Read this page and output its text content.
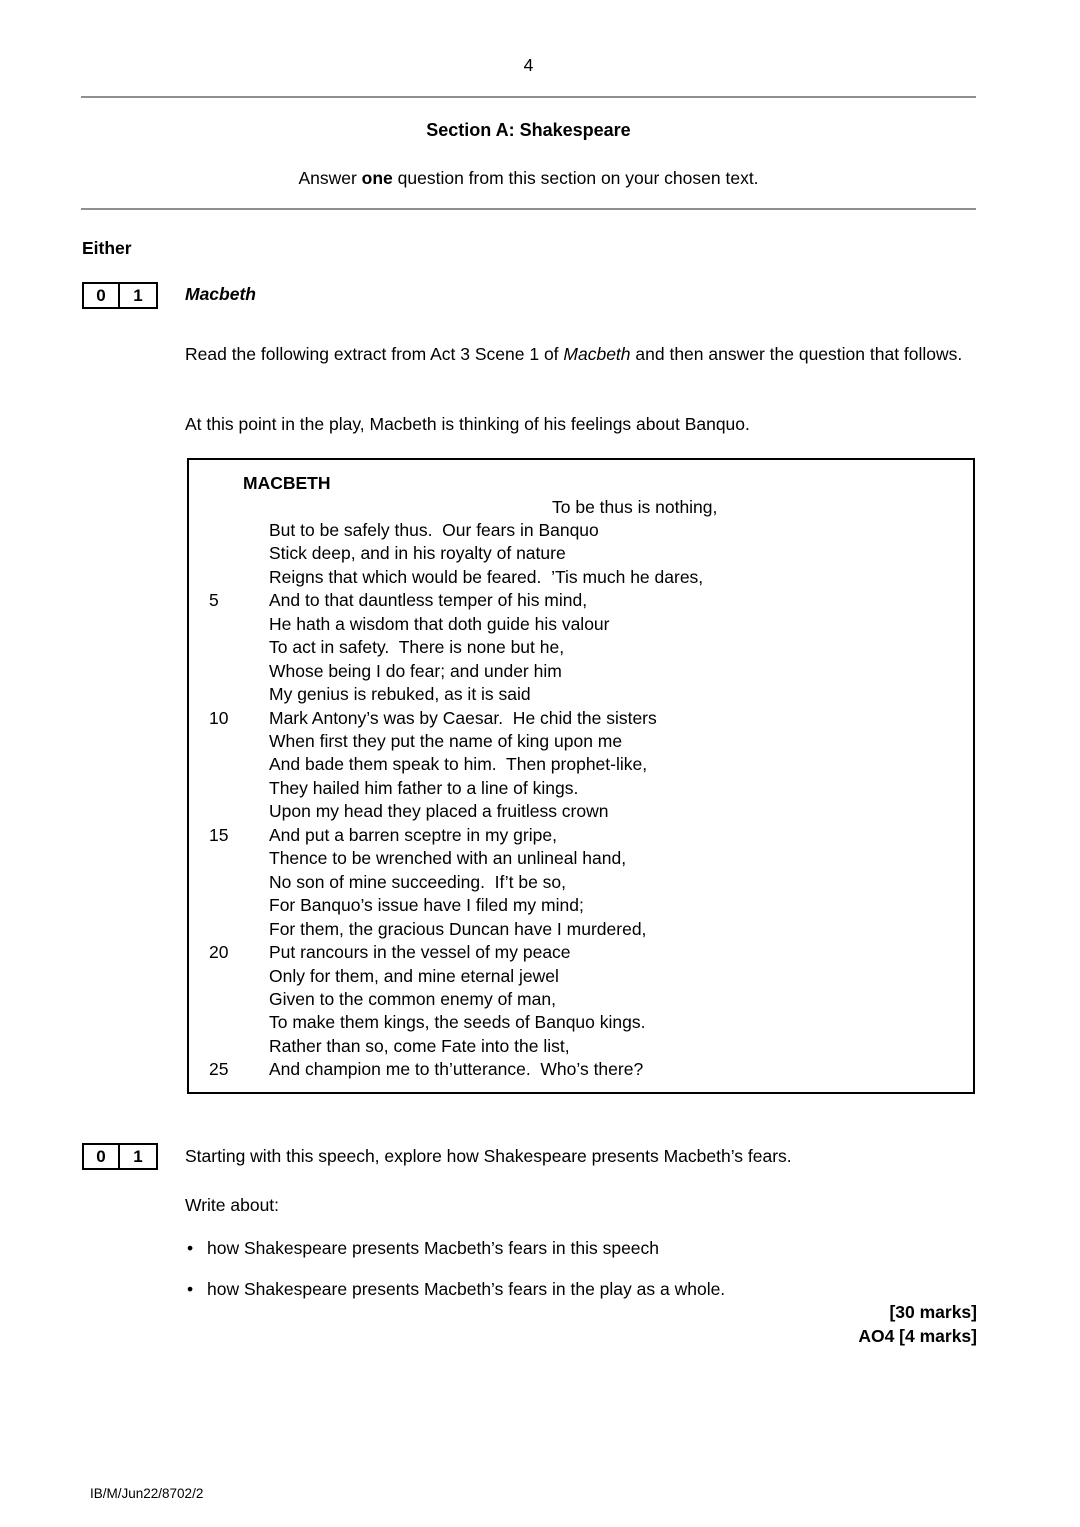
4
Section A: Shakespeare
Answer one question from this section on your chosen text.
Either
0	1	Macbeth
Read the following extract from Act 3 Scene 1 of Macbeth and then answer the question that follows.
At this point in the play, Macbeth is thinking of his feelings about Banquo.
MACBETH
To be thus is nothing,
But to be safely thus.  Our fears in Banquo
Stick deep, and in his royalty of nature
Reigns that which would be feared.  ’Tis much he dares,
5	And to that dauntless temper of his mind,
He hath a wisdom that doth guide his valour
To act in safety.  There is none but he,
Whose being I do fear; and under him
My genius is rebuked, as it is said
10	Mark Antony’s was by Caesar.  He chid the sisters
When first they put the name of king upon me
And bade them speak to him.  Then prophet-like,
They hailed him father to a line of kings.
Upon my head they placed a fruitless crown
15	And put a barren sceptre in my gripe,
Thence to be wrenched with an unlineal hand,
No son of mine succeeding.  If’t be so,
For Banquo’s issue have I filed my mind;
For them, the gracious Duncan have I murdered,
20	Put rancours in the vessel of my peace
Only for them, and mine eternal jewel
Given to the common enemy of man,
To make them kings, the seeds of Banquo kings.
Rather than so, come Fate into the list,
25	And champion me to th’utterance.  Who’s there?
0	1	Starting with this speech, explore how Shakespeare presents Macbeth’s fears.
Write about:
• how Shakespeare presents Macbeth’s fears in this speech
• how Shakespeare presents Macbeth’s fears in the play as a whole.
[30 marks]
AO4 [4 marks]
IB/M/Jun22/8702/2
